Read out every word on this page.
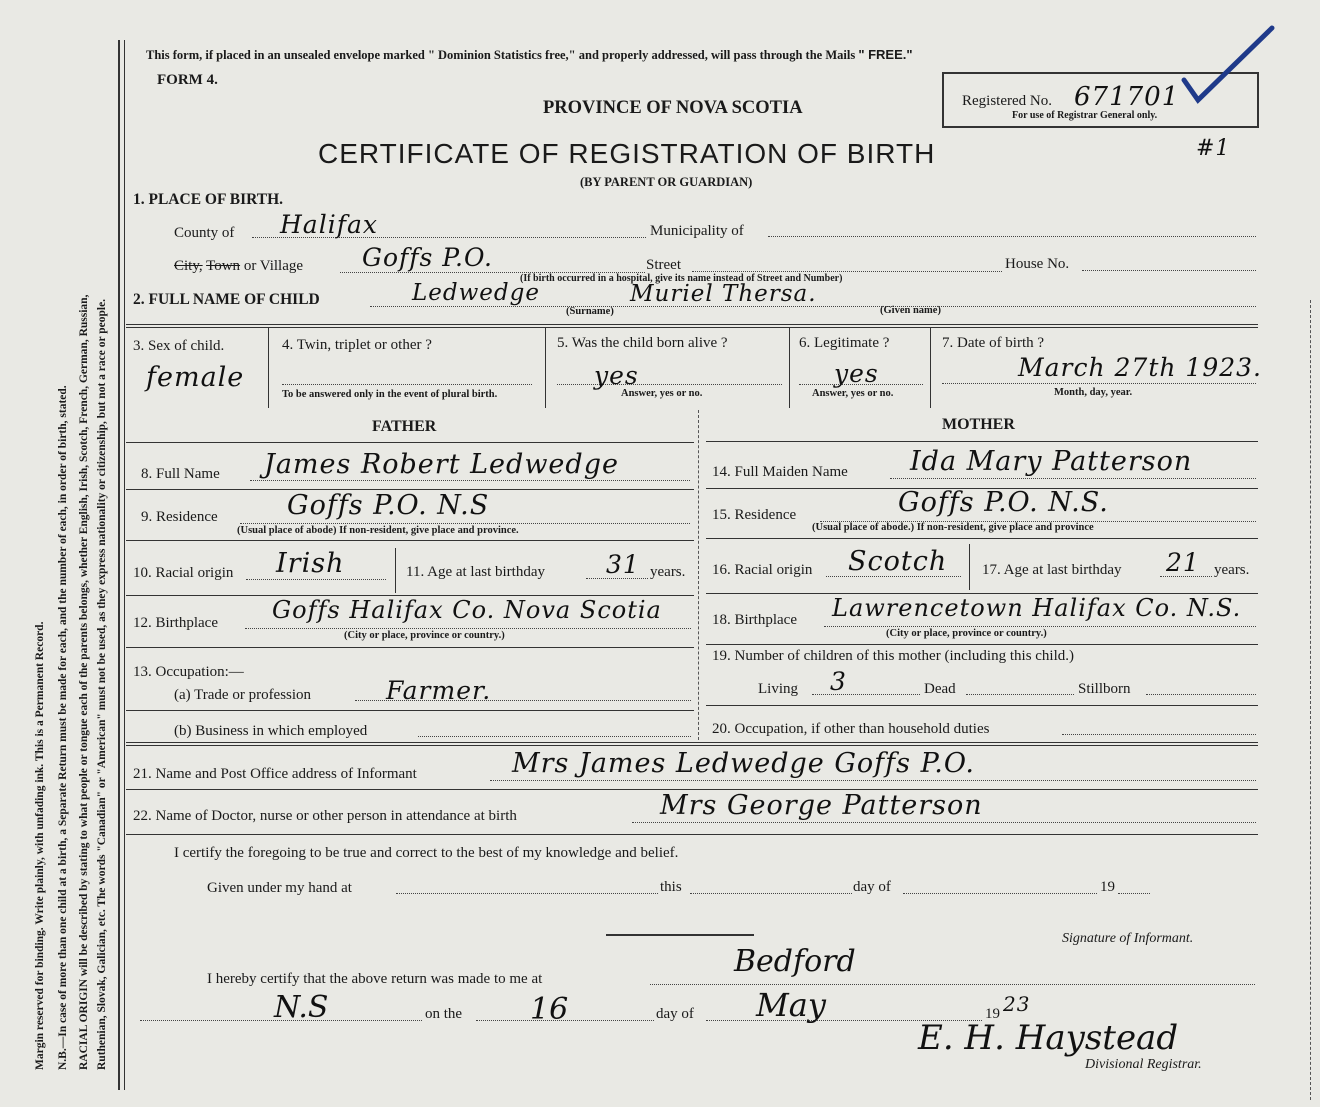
Margin reserved for binding. Write plainly, with unfading ink. This is a Permanent Record. N.B.—In case of more than one child at a birth, a Separate Return must be made for each, and the number of each, in order of birth, stated. RACIAL ORIGIN will be described by stating to what people or tongue each of the parents belongs, whether English, Irish, Scotch, French, German, Russian, Ruthenian, Slovak, Galician, etc. The words "Canadian" or "American" must not be used, as they express nationality or citizenship, but not a race or people.
This form, if placed in an unsealed envelope marked " Dominion Statistics free," and properly addressed, will pass through the Mails " FREE."
FORM 4.
PROVINCE OF NOVA SCOTIA
CERTIFICATE OF REGISTRATION OF BIRTH
(BY PARENT OR GUARDIAN)
Registered No. 671701
For use of Registrar General only.
#1
1. PLACE OF BIRTH.
County of Halifax	Municipality of
City, Town or Village Goffs P.O.	Street	House No.
(If birth occurred in a hospital, give its name instead of Street and Number)
2. FULL NAME OF CHILD	Ledwedge	Muriel Thersa.
(Surname)	(Given name)
3. Sex of child.
female
4. Twin, triplet or other ?
To be answered only in the event of plural birth.
5. Was the child born alive ?
yes
Answer, yes or no.
6. Legitimate ?
yes
Answer, yes or no.
7. Date of birth ?
March 27th 1923.
Month, day, year.
FATHER	MOTHER
8. Full Name James Robert Ledwedge
9. Residence	Goffs P.O. N.S
(Usual place of abode) If non-resident, give place and province.
10. Racial origin Irish	11. Age at last birthday 31 years.
12. Birthplace Goffs Halifax Co. Nova Scotia
(City or place, province or country.)
13. Occupation:—
(a) Trade or profession	Farmer.
(b) Business in which employed
14. Full Maiden Name Ida Mary Patterson
15. Residence	Goffs P.O. N.S.
(Usual place of abode.) If non-resident, give place and province
16. Racial origin Scotch 17. Age at last birthday 21 years.
18. Birthplace Lawrencetown Halifax Co. N.S.
(City or place, province or country.)
19. Number of children of this mother (including this child.)
Living 3	Dead	Stillborn
20. Occupation, if other than household duties
21. Name and Post Office address of Informant	Mrs James Ledwedge Goffs P.O.
22. Name of Doctor, nurse or other person in attendance at birth	Mrs George Patterson
I certify the foregoing to be true and correct to the best of my knowledge and belief.
Given under my hand at	this	day of	19
Signature of Informant.
I hereby certify that the above return was made to me at	Bedford
N.S	on the 16	day of May	19 23
E. H. Haystead
Divisional Registrar.
